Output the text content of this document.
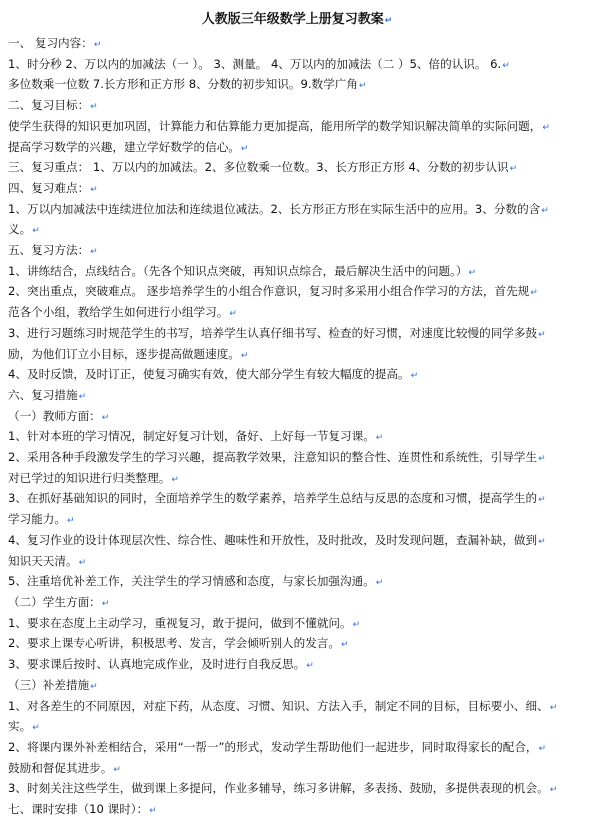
人教版三年级数学上册复习教案↵
一、 复习内容：↵
1、时分秒 2、万以内的加减法（一 ）。 3、测量。 4、万以内的加减法（二 ）5、倍的认识。 6.↵
多位数乘一位数 7.长方形和正方形 8、分数的初步知识。9.数学广角↵
二、复习目标：↵
使学生获得的知识更加巩固，计算能力和估算能力更加提高，能用所学的数学知识解决简单的实际问题，↵
提高学习数学的兴趣，建立学好数学的信心。↵
三、复习重点： 1、万以内的加减法。2、多位数乘一位数。3、长方形正方形 4、分数的初步认识↵
四、复习难点：↵
1、万以内加减法中连续进位加法和连续退位减法。2、长方形正方形在实际生活中的应用。3、分数的含↵
义。↵
五、复习方法：↵
1、讲练结合，点线结合。（先各个知识点突破，再知识点综合，最后解决生活中的问题。）↵
2、突出重点，突破难点。 逐步培养学生的小组合作意识，复习时多采用小组合作学习的方法，首先规↵
范各个小组，教给学生如何进行小组学习。↵
3、进行习题练习时规范学生的书写，培养学生认真仔细书写、检查的好习惯，对速度比较慢的同学多鼓↵
励，为他们订立小目标，逐步提高做题速度。↵
4、及时反馈，及时订正，使复习确实有效，使大部分学生有较大幅度的提高。↵
六、复习措施↵
（一）教师方面：↵
1、针对本班的学习情况，制定好复习计划，备好、上好每一节复习课。↵
2、采用各种手段激发学生的学习兴趣，提高教学效果，注意知识的整合性、连贯性和系统性，引导学生↵
对已学过的知识进行归类整理。↵
3、在抓好基础知识的同时，全面培养学生的数学素养，培养学生总结与反思的态度和习惯，提高学生的↵
学习能力。↵
4、复习作业的设计体现层次性、综合性、趣味性和开放性，及时批改，及时发现问题，查漏补缺，做到↵
知识天天清。↵
5、注重培优补差工作，关注学生的学习情感和态度，与家长加强沟通。↵
（二）学生方面：↵
1、要求在态度上主动学习，重视复习，敢于提问，做到不懂就问。↵
2、要求上课专心听讲，积极思考、发言，学会倾听别人的发言。↵
3、要求课后按时、认真地完成作业，及时进行自我反思。↵
（三）补差措施↵
1、对各差生的不同原因，对症下药，从态度、习惯、知识、方法入手，制定不同的目标，目标要小、细、↵
实。↵
2、将课内课外补差相结合，采用“一帮一”的形式，发动学生帮助他们一起进步，同时取得家长的配合，↵
鼓励和督促其进步。↵
3、时刻关注这些学生，做到课上多提问，作业多辅导，练习多讲解，多表扬、鼓励，多提供表现的机会。↵
七、课时安排（10 课时）：↵
